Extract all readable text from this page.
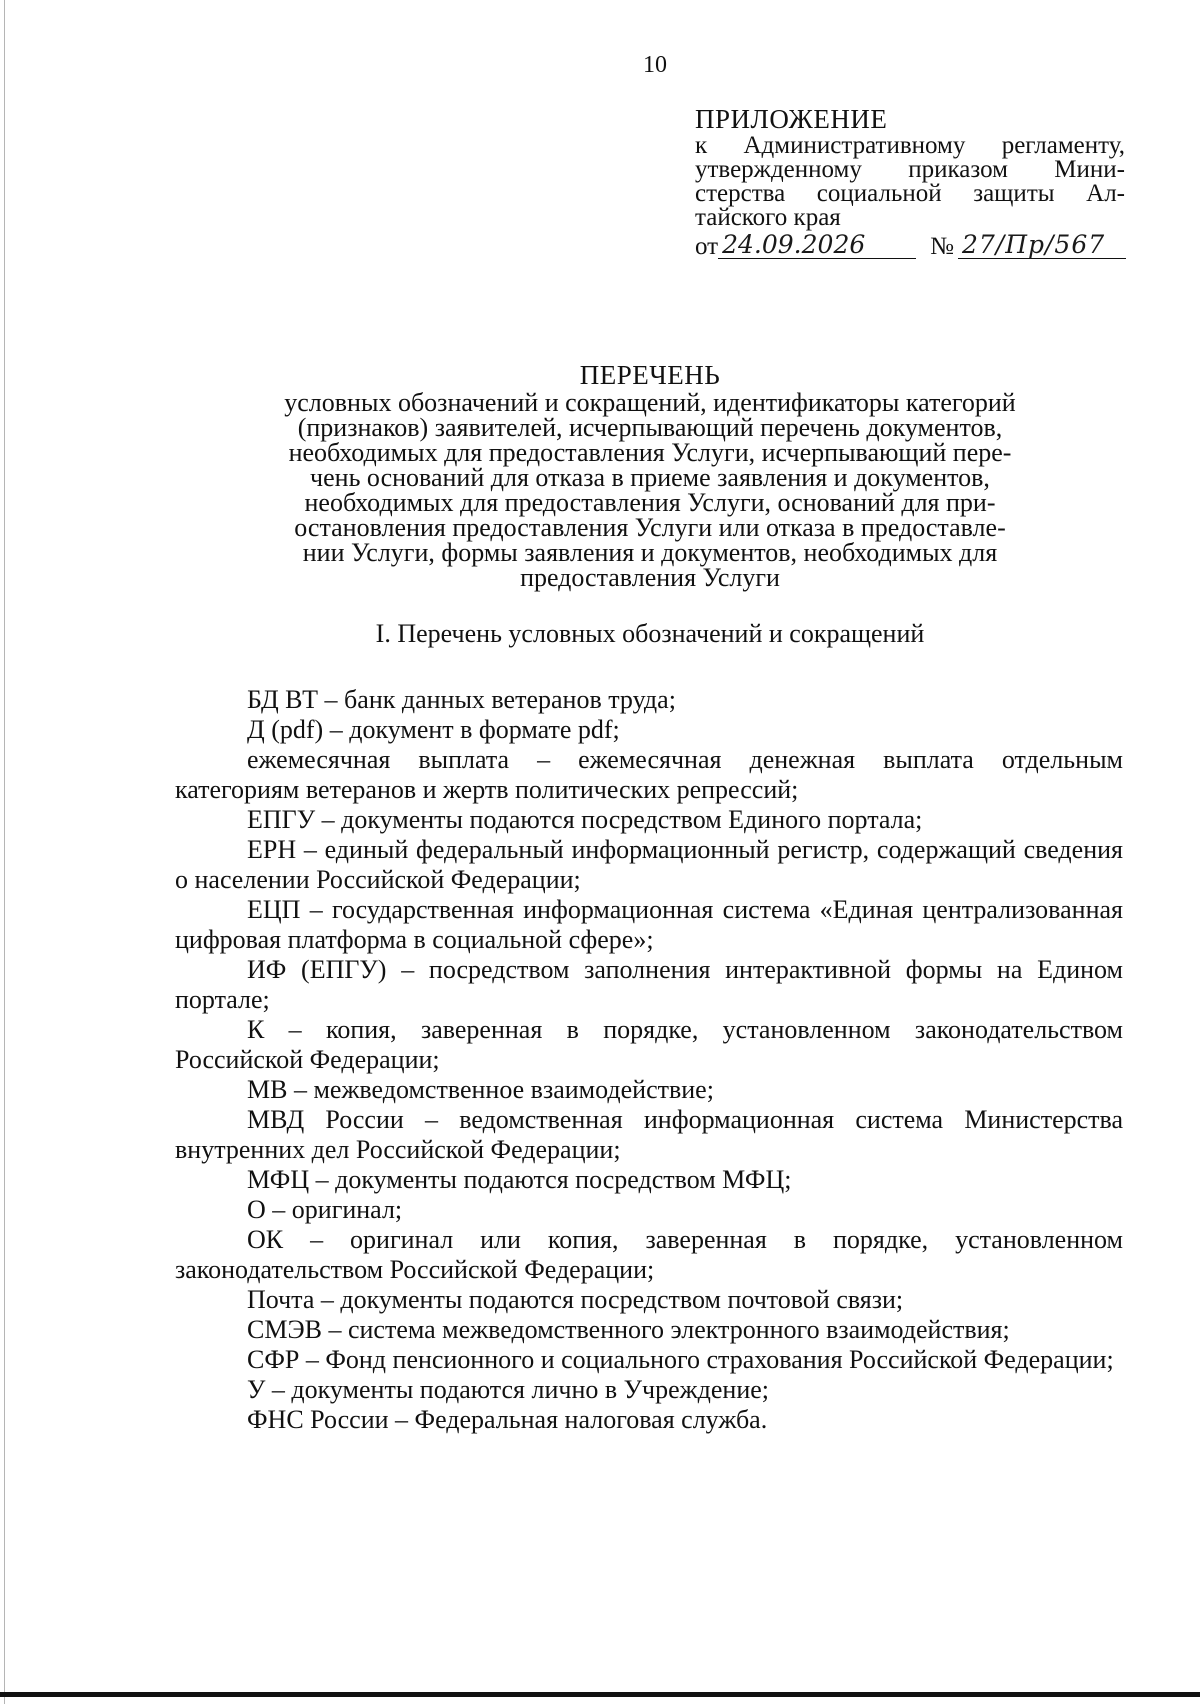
10
ПРИЛОЖЕНИЕ
к Административному регламенту,
утвержденному приказом Мини-
стерства социальной защиты Ал-
тайского края
от 24.09.2026	№ 27/Пр/567
ПЕРЕЧЕНЬ
условных обозначений и сокращений, идентификаторы категорий
(признаков) заявителей, исчерпывающий перечень документов,
необходимых для предоставления Услуги, исчерпывающий пере-
чень оснований для отказа в приеме заявления и документов,
необходимых для предоставления Услуги, оснований для при-
остановления предоставления Услуги или отказа в предоставле-
нии Услуги, формы заявления и документов, необходимых для
предоставления Услуги
I. Перечень условных обозначений и сокращений

БД ВТ – банк данных ветеранов труда;

Д (pdf) – документ в формате pdf;

ежемесячная выплата – ежемесячная денежная выплата отдельным категориям ветеранов и жертв политических репрессий;

ЕПГУ – документы подаются посредством Единого портала;

ЕРН – единый федеральный информационный регистр, содержащий сведения о населении Российской Федерации;

ЕЦП – государственная информационная система «Единая централизованная цифровая платформа в социальной сфере»;

ИФ (ЕПГУ) – посредством заполнения интерактивной формы на Едином портале;

К – копия, заверенная в порядке, установленном законодательством Российской Федерации;

МВ – межведомственное взаимодействие;

МВД России – ведомственная информационная система Министерства внутренних дел Российской Федерации;

МФЦ – документы подаются посредством МФЦ;

О – оригинал;

ОК – оригинал или копия, заверенная в порядке, установленном законодательством Российской Федерации;

Почта – документы подаются посредством почтовой связи;

СМЭВ – система межведомственного электронного взаимодействия;

СФР – Фонд пенсионного и социального страхования Российской Федерации;

У – документы подаются лично в Учреждение;

ФНС России – Федеральная налоговая служба.
